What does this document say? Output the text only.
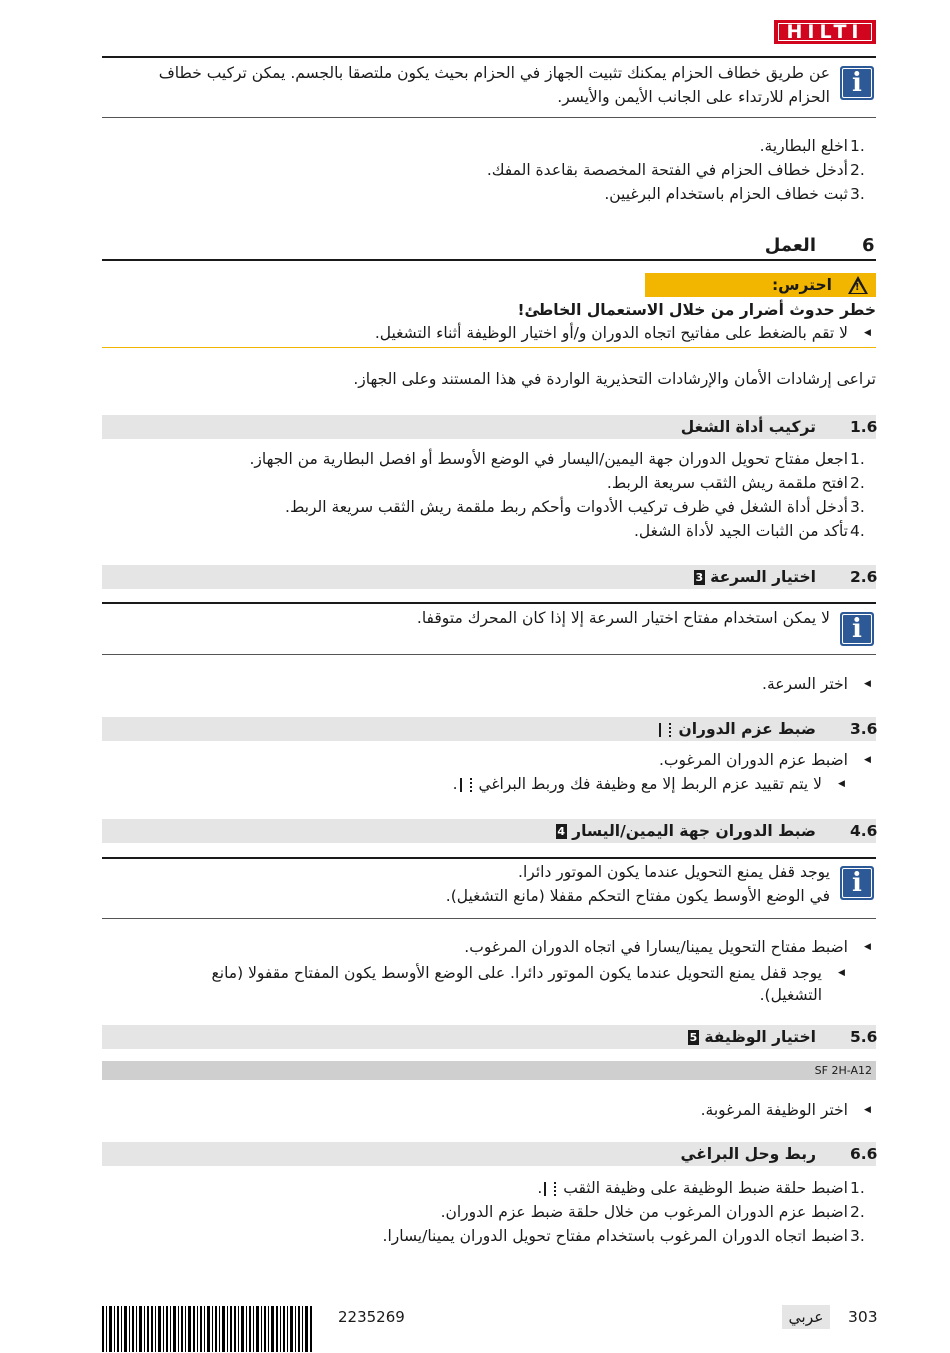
HILTI
i
عن طريق خطاف الحزام يمكنك تثبيت الجهاز في الحزام بحيث يكون ملتصقا بالجسم. يمكن تركيب خطاف
الحزام للارتداء على الجانب الأيمن والأيسر.
1.
اخلع البطارية.
2.
أدخل خطاف الحزام في الفتحة المخصصة بقاعدة المفك.
3.
ثبت خطاف الحزام باستخدام البرغيين.
6
العمل
!
احترس:
خطر حدوث أضرار من خلال الاستعمال الخاطئ!
◀
لا تقم بالضغط على مفاتيح اتجاه الدوران و/أو اختيار الوظيفة أثناء التشغيل.
تراعى إرشادات الأمان والإرشادات التحذيرية الواردة في هذا المستند وعلى الجهاز.
1.6
تركيب أداة الشغل
1.
اجعل مفتاح تحويل الدوران جهة اليمين/اليسار في الوضع الأوسط أو افصل البطارية من الجهاز.
2.
افتح ملقمة ريش الثقب سريعة الربط.
3.
أدخل أداة الشغل في ظرف تركيب الأدوات وأحكم ربط ملقمة ريش الثقب سريعة الربط.
4.
تأكد من الثبات الجيد لأداة الشغل.
2.6
اختيار السرعة 3
i
لا يمكن استخدام مفتاح اختيار السرعة إلا إذا كان المحرك متوقفا.
◀
اختر السرعة.
3.6
ضبط عزم الدوران
◀
اضبط عزم الدوران المرغوب.
◀
لا يتم تقييد عزم الربط إلا مع وظيفة فك وربط البراغي .
4.6
ضبط الدوران جهة اليمين/اليسار 4
i
يوجد قفل يمنع التحويل عندما يكون الموتور دائرا.
في الوضع الأوسط يكون مفتاح التحكم مقفلا (مانع التشغيل).
◀
اضبط مفتاح التحويل يمينا/يسارا في اتجاه الدوران المرغوب.
◀
يوجد قفل يمنع التحويل عندما يكون الموتور دائرا. على الوضع الأوسط يكون المفتاح مقفولا (مانع
التشغيل).
5.6
اختيار الوظيفة 5
SF 2H-A12
◀
اختر الوظيفة المرغوبة.
6.6
ربط وحل البراغي
1.
اضبط حلقة ضبط الوظيفة على وظيفة الثقب .
2.
اضبط عزم الدوران المرغوب من خلال حلقة ضبط عزم الدوران.
3.
اضبط اتجاه الدوران المرغوب باستخدام مفتاح تحويل الدوران يمينا/يسارا.
2235269	عربي	303
